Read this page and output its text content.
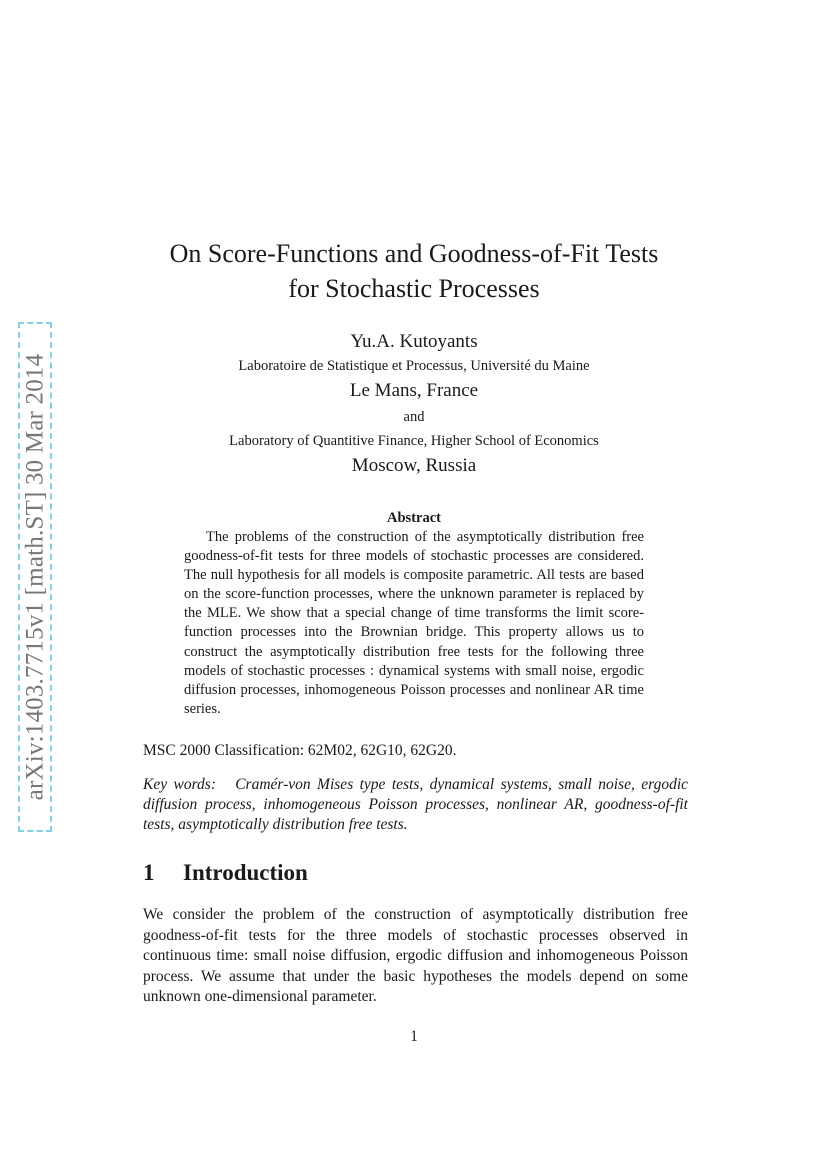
arXiv:1403.7715v1 [math.ST] 30 Mar 2014
On Score-Functions and Goodness-of-Fit Tests
for Stochastic Processes

Yu.A. Kutoyants

Laboratoire de Statistique et Processus, Université du Maine

Le Mans, France

and

Laboratory of Quantitive Finance, Higher School of Economics

Moscow, Russia

Abstract

The problems of the construction of the asymptotically distribution free goodness-of-fit tests for three models of stochastic processes are considered. The null hypothesis for all models is composite parametric. All tests are based on the score-function processes, where the unknown parameter is replaced by the MLE. We show that a special change of time transforms the limit score-function processes into the Brownian bridge. This property allows us to construct the asymptotically distribution free tests for the following three models of stochastic processes : dynamical systems with small noise, ergodic diffusion processes, inhomogeneous Poisson processes and nonlinear AR time series.

MSC 2000 Classification: 62M02, 62G10, 62G20.

Key words: Cramér-von Mises type tests, dynamical systems, small noise, ergodic diffusion process, inhomogeneous Poisson processes, nonlinear AR, goodness-of-fit tests, asymptotically distribution free tests.

1 Introduction

We consider the problem of the construction of asymptotically distribution free goodness-of-fit tests for the three models of stochastic processes observed in continuous time: small noise diffusion, ergodic diffusion and inhomogeneous Poisson process. We assume that under the basic hypotheses the models depend on some unknown one-dimensional parameter.

1
